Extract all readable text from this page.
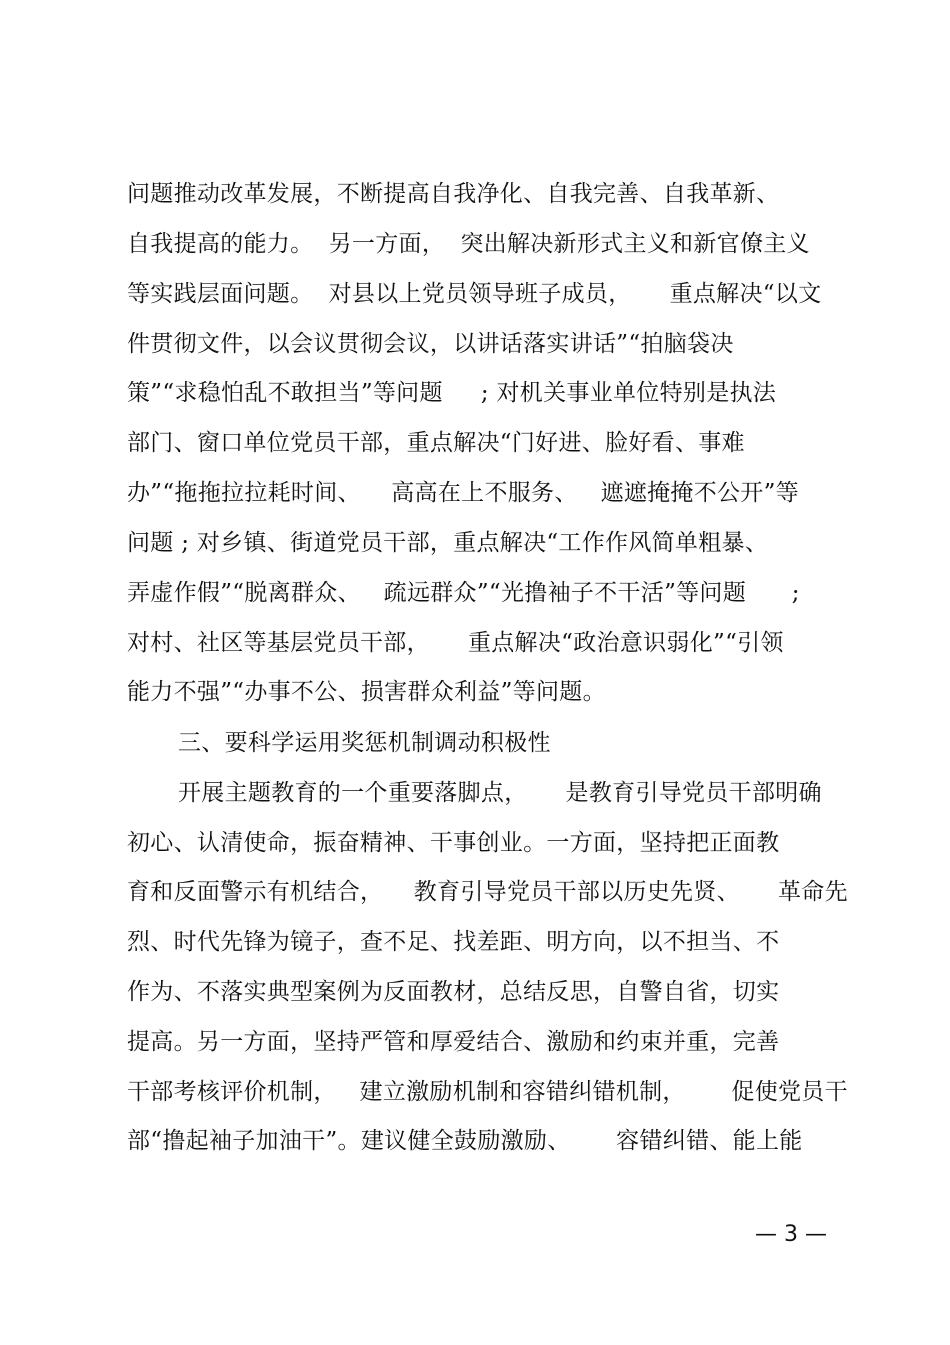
问题推动改革发展，不断提高自我净化、自我完善、自我革新、
自我提高的能力。  另一方面，  突出解决新形式主义和新官僚主义
等实践层面问题。  对县以上党员领导班子成员，     重点解决“以文
件贯彻文件，以会议贯彻会议，以讲话落实讲话”“拍脑袋决
策”“求稳怕乱不敢担当”等问题     ; 对机关事业单位特别是执法
部门、窗口单位党员干部，重点解决“门好进、脸好看、事难
办”“拖拖拉拉耗时间、    高高在上不服务、   遮遮掩掩不公开”等
问题 ; 对乡镇、街道党员干部，重点解决“工作作风简单粗暴、
弄虚作假”“脱离群众、   疏远群众”“光撸袖子不干活”等问题      ;
对村、社区等基层党员干部，     重点解决“政治意识弱化”“引领
能力不强”“办事不公、损害群众利益”等问题。
三、要科学运用奖惩机制调动积极性
开展主题教育的一个重要落脚点，     是教育引导党员干部明确
初心、认清使命，振奋精神、干事创业。一方面，坚持把正面教
育和反面警示有机结合，    教育引导党员干部以历史先贤、     革命先
烈、时代先锋为镜子，查不足、找差距、明方向，以不担当、不
作为、不落实典型案例为反面教材，总结反思，自警自省，切实
提高。另一方面，坚持严管和厚爱结合、激励和约束并重，完善
干部考核评价机制，   建立激励机制和容错纠错机制，      促使党员干
部“撸起袖子加油干”。建议健全鼓励激励、      容错纠错、能上能
— 3 —
